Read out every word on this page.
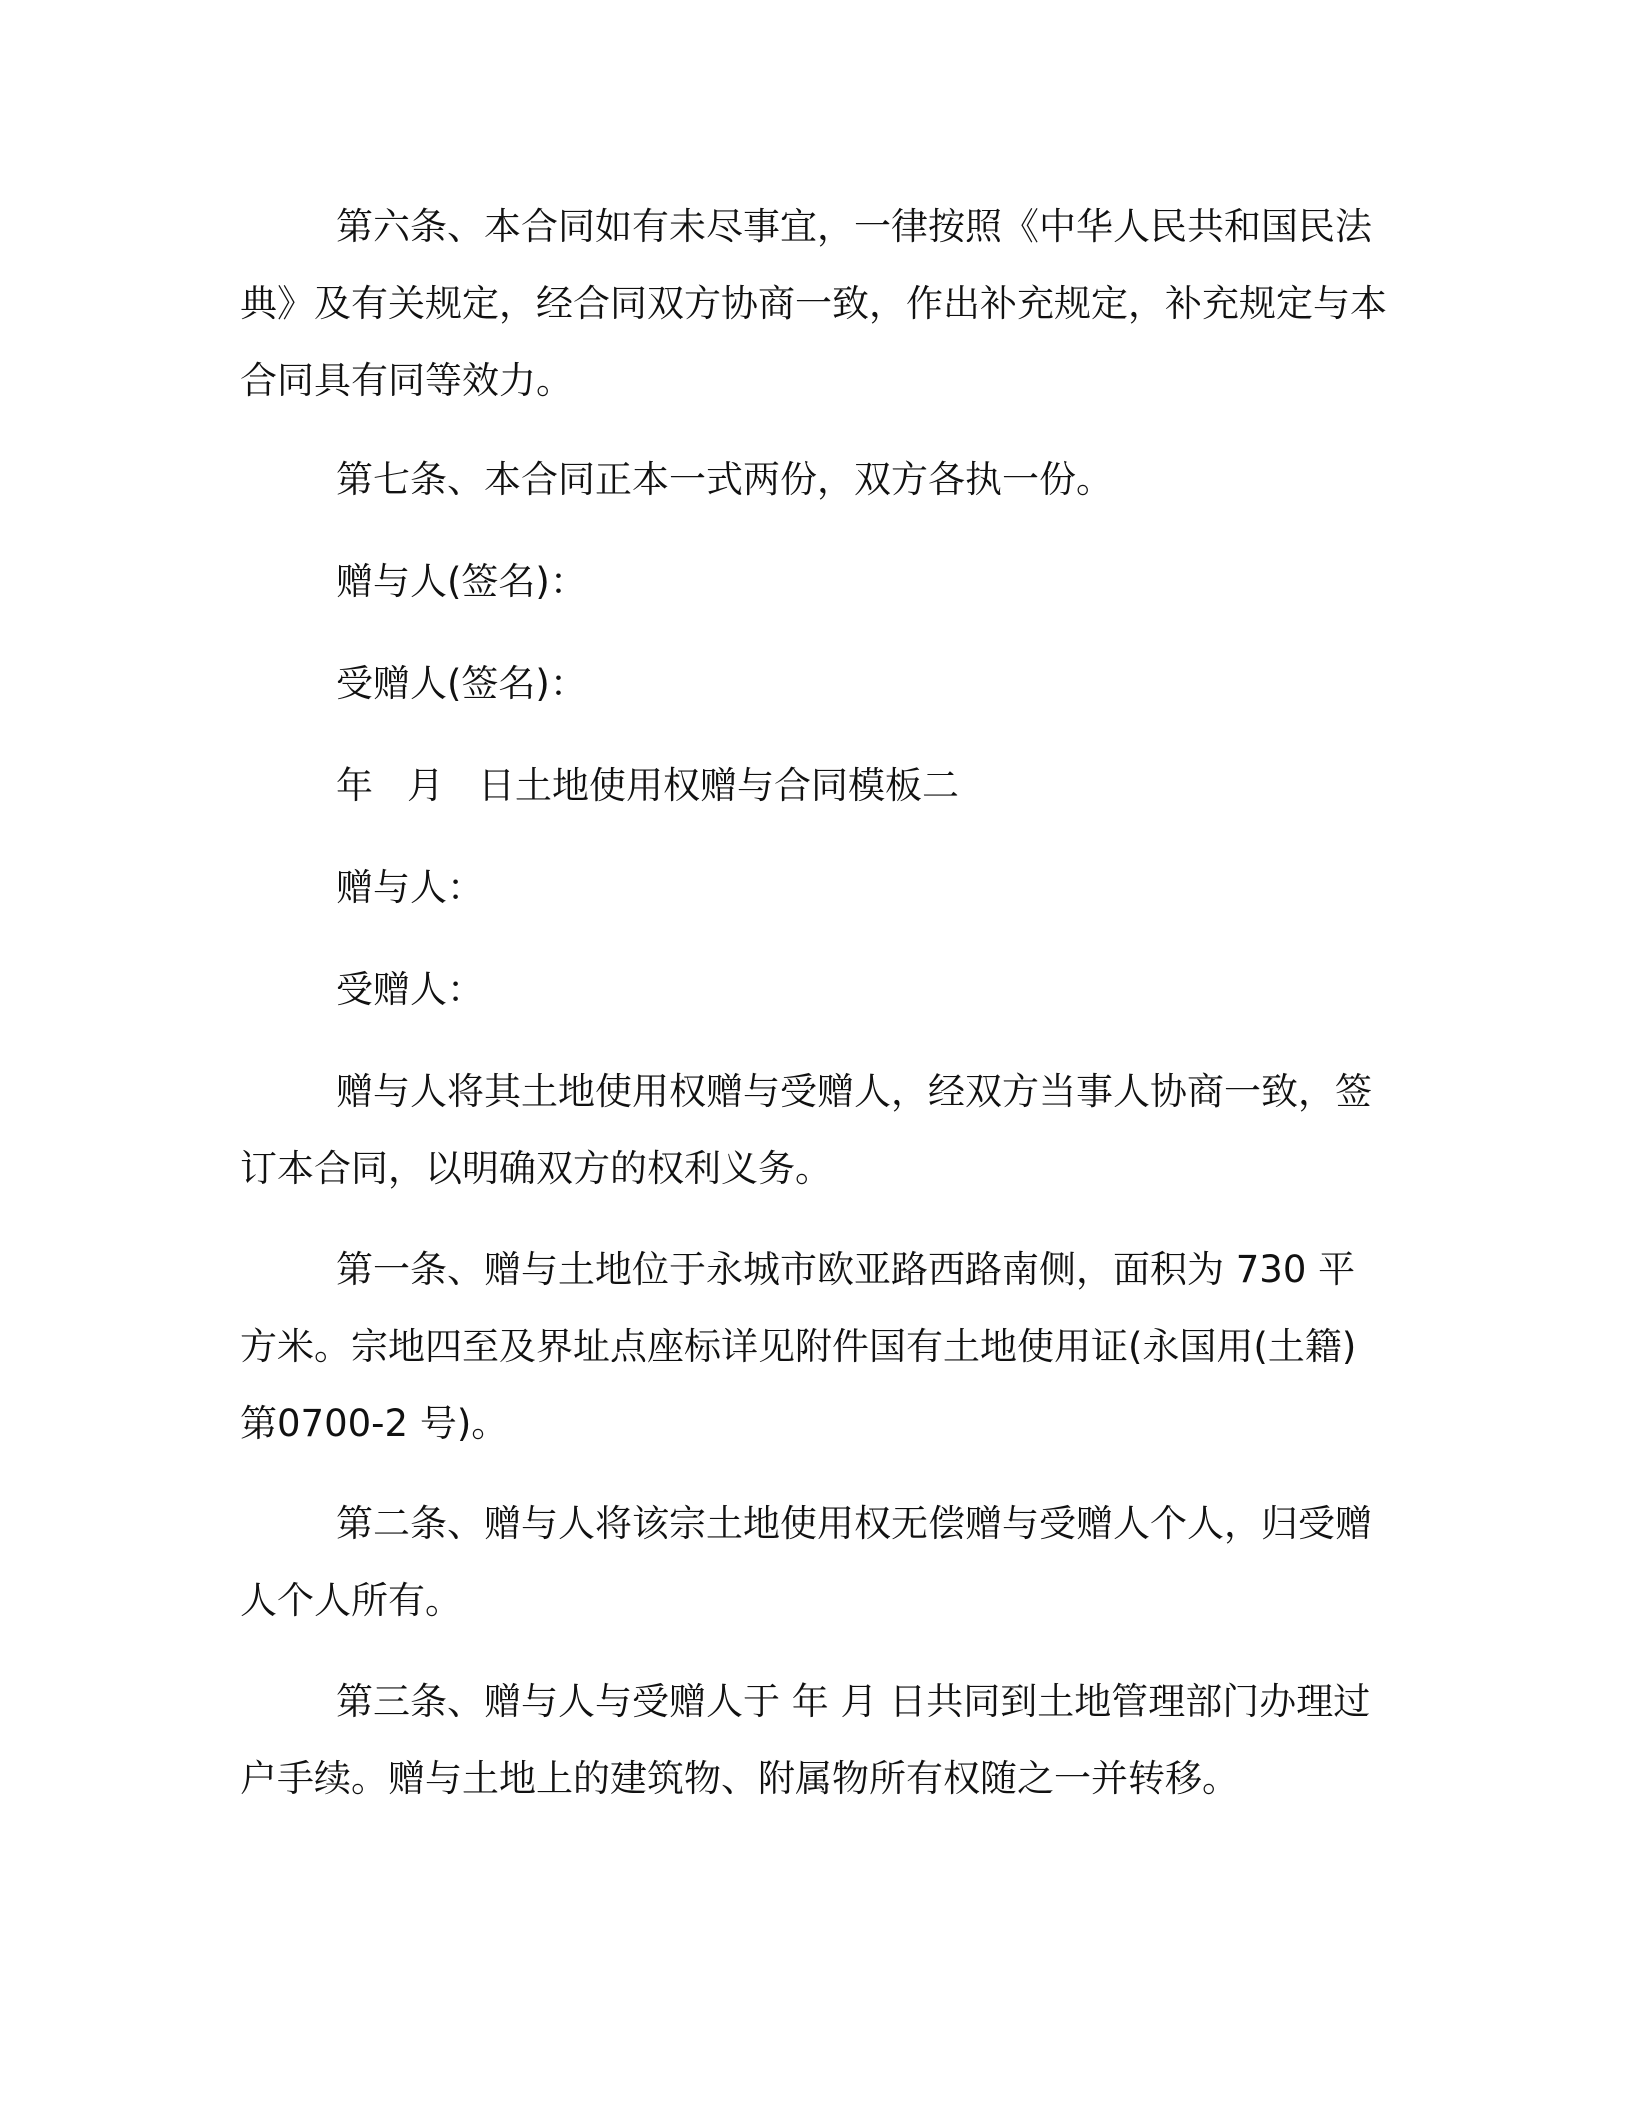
第六条、本合同如有未尽事宜，一律按照《中华人民共和国民法典》及有关规定，经合同双方协商一致，作出补充规定，补充规定与本合同具有同等效力。

第七条、本合同正本一式两份，双方各执一份。

赠与人(签名)：

受赠人(签名)：

年 月 日土地使用权赠与合同模板二

赠与人：

受赠人：

赠与人将其土地使用权赠与受赠人，经双方当事人协商一致，签订本合同，以明确双方的权利义务。

第一条、赠与土地位于永城市欧亚路西路南侧，面积为 730 平方米。宗地四至及界址点座标详见附件国有土地使用证(永国用(土籍)第0700-2 号)。

第二条、赠与人将该宗土地使用权无偿赠与受赠人个人，归受赠人个人所有。

第三条、赠与人与受赠人于 年 月 日共同到土地管理部门办理过户手续。赠与土地上的建筑物、附属物所有权随之一并转移。
